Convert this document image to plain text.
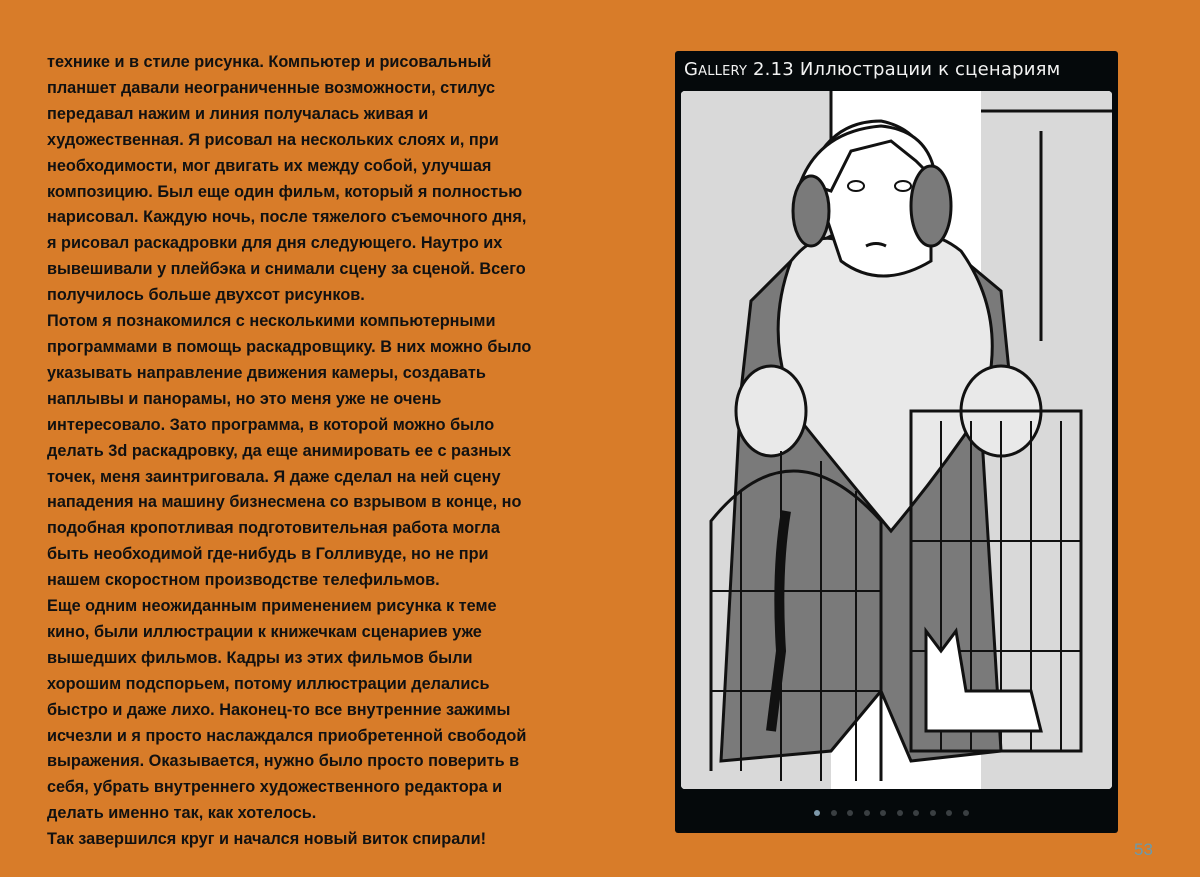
технике и в стиле рисунка. Компьютер и рисовальный
планшет давали неограниченные возможности, стилус
передавал нажим и линия получалась живая и
художественная. Я рисовал на нескольких слоях и, при
необходимости, мог двигать их между собой, улучшая
композицию. Был еще один фильм, который я полностью
нарисовал. Каждую ночь, после тяжелого съемочного дня,
я рисовал раскадровки для дня следующего. Наутро их
вывешивали у плейбэка и снимали сцену за сценой. Всего
получилось больше двухсот рисунков.
Потом я познакомился с несколькими компьютерными
программами в помощь раскадровщику. В них можно было
указывать направление движения камеры, создавать
наплывы и панорамы, но это меня уже не очень
интересовало. Зато программа, в которой можно было
делать 3d раскадровку, да еще анимировать ее с разных
точек, меня заинтриговала. Я даже сделал на ней сцену
нападения на машину бизнесмена со взрывом в конце, но
подобная кропотливая подготовительная работа могла
быть необходимой где-нибудь в Голливуде, но не при
нашем скоростном производстве телефильмов.
Еще одним неожиданным применением рисунка к теме
кино, были иллюстрации к книжечкам сценариев уже
вышедших фильмов. Кадры из этих фильмов были
хорошим подспорьем, потому иллюстрации делались
быстро и даже лихо. Наконец-то все внутренние зажимы
исчезли и я просто наслаждался приобретенной свободой
выражения. Оказывается, нужно было просто поверить в
себя, убрать внутреннего художественного редактора и
делать именно так, как хотелось.
Так завершился круг и начался новый виток спирали!
Gallery 2.13 Иллюстрации к сценариям
53
